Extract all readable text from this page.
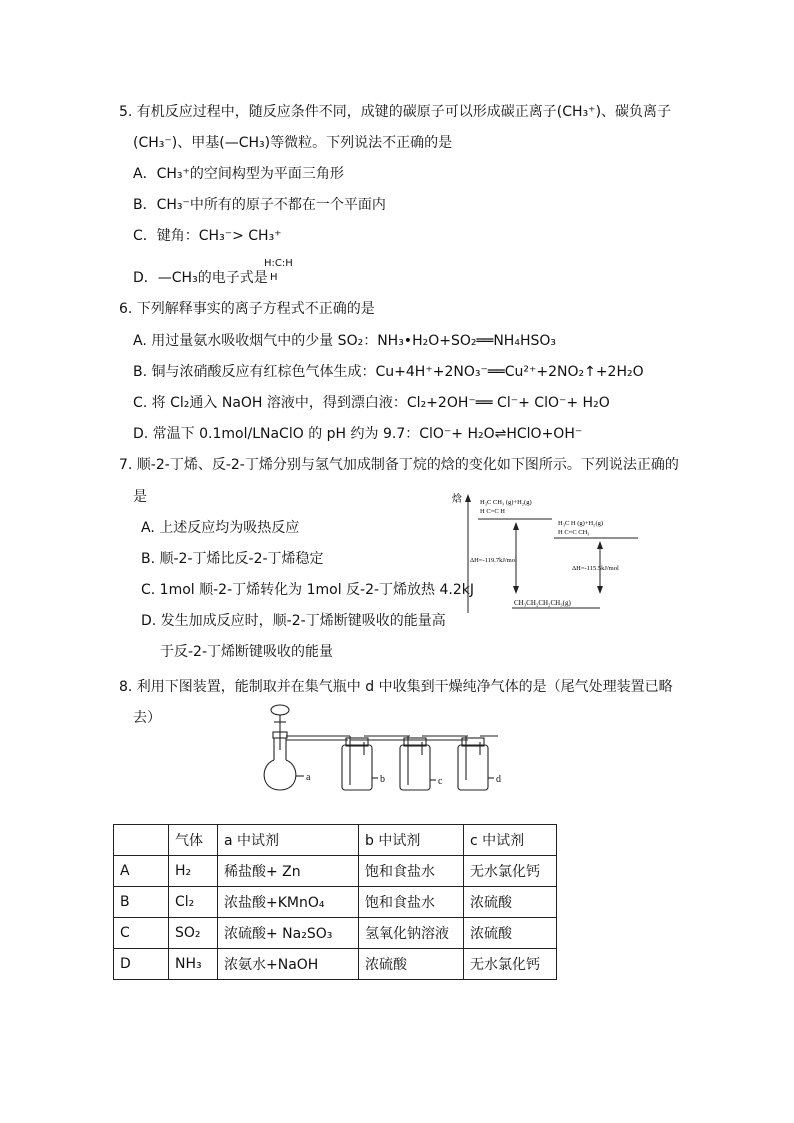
5. 有机反应过程中，随反应条件不同，成键的碳原子可以形成碳正离子(CH₃⁺)、碳负离子
(CH₃⁻)、甲基(—CH₃)等微粒。下列说法不正确的是
A．CH₃⁺的空间构型为平面三角形
B．CH₃⁻中所有的原子不都在一个平面内
C．键角：CH₃⁻> CH₃⁺
D．—CH₃的电子式是
H:C:H
H
6. 下列解释事实的离子方程式不正确的是
A. 用过量氨水吸收烟气中的少量 SO₂：NH₃•H₂O+SO₂══NH₄HSO₃
B. 铜与浓硝酸反应有红棕色气体生成：Cu+4H⁺+2NO₃⁻══Cu²⁺+2NO₂↑+2H₂O
C. 将 Cl₂通入 NaOH 溶液中，得到漂白液：Cl₂+2OH⁻══ Cl⁻+ ClO⁻+ H₂O
D. 常温下 0.1mol/LNaClO 的 pH 约为 9.7：ClO⁻+ H₂O⇌HClO+OH⁻
7. 顺-2-丁烯、反-2-丁烯分别与氢气加成制备丁烷的焓的变化如下图所示。下列说法正确的
是
A. 上述反应均为吸热反应
B. 顺-2-丁烯比反-2-丁烯稳定
C. 1mol 顺-2-丁烯转化为 1mol 反-2-丁烯放热 4.2kJ
D. 发生加成反应时，顺-2-丁烯断键吸收的能量高
于反-2-丁烯断键吸收的能量
焓	H₃C CH₃ (g)+H₂(g)
H C=C H
H₃C H (g)+H₂(g)
H C=C CH₃
ΔH=-119.7kJ/mol
ΔH=-115.5kJ/mol
CH₃CH₂CH₂CH₃(g)
8. 利用下图装置，能制取并在集气瓶中 d 中收集到干燥纯净气体的是（尾气处理装置已略
去）
a	b	c	d
	气体	a 中试剂	b 中试剂	c 中试剂
A	H₂	稀盐酸+ Zn	饱和食盐水	无水氯化钙
B	Cl₂	浓盐酸+KMnO₄	饱和食盐水	浓硫酸
C	SO₂	浓硫酸+ Na₂SO₃	氢氧化钠溶液	浓硫酸
D	NH₃	浓氨水+NaOH	浓硫酸	无水氯化钙
